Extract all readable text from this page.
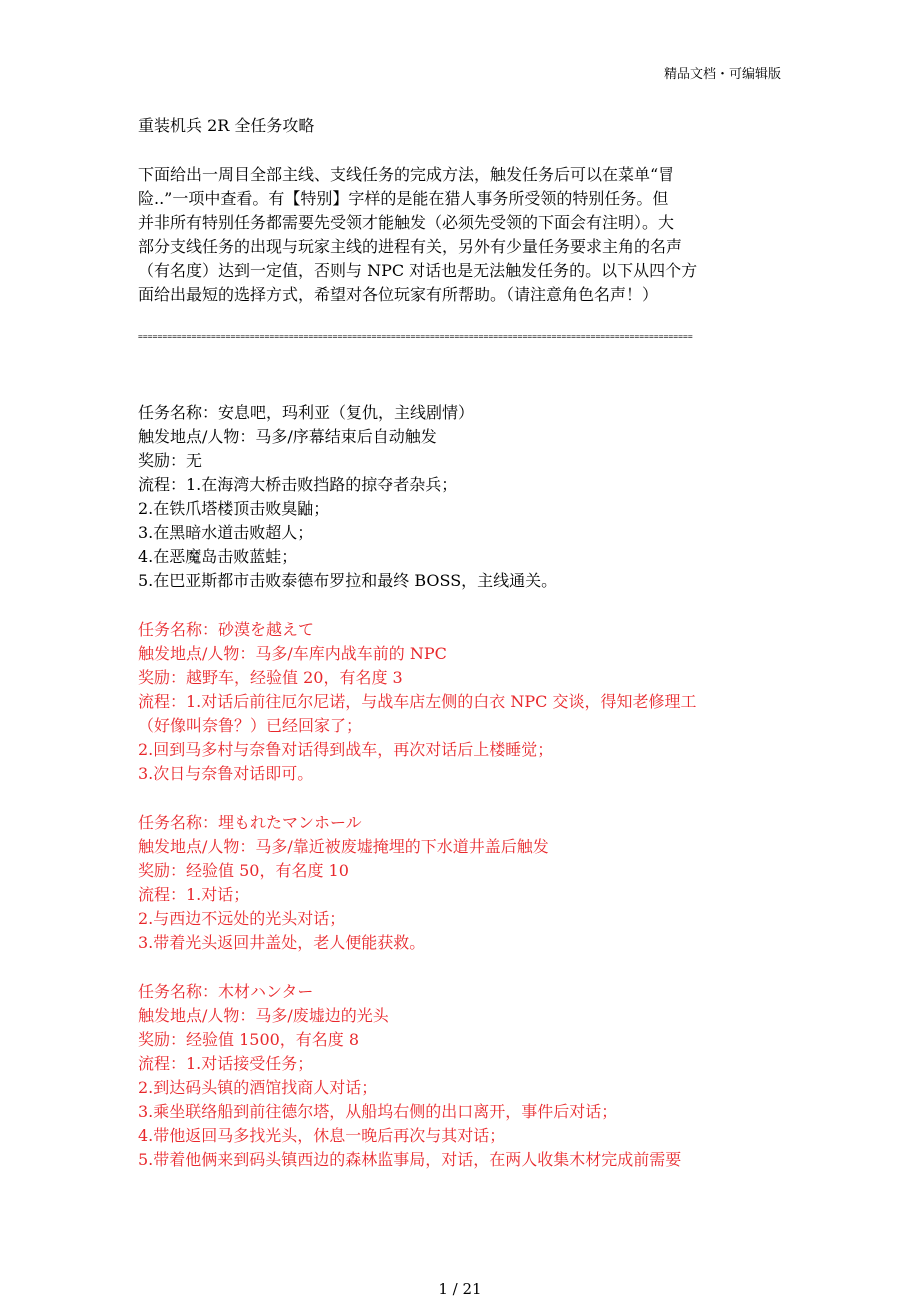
精品文档・可编辑版
重装机兵 2R 全任务攻略
下面给出一周目全部主线、支线任务的完成方法，触发任务后可以在菜单“冒
险..”一项中查看。有【特别】字样的是能在猎人事务所受领的特别任务。但
并非所有特别任务都需要先受领才能触发（必须先受领的下面会有注明）。大
部分支线任务的出现与玩家主线的进程有关，另外有少量任务要求主角的名声
（有名度）达到一定值，否则与 NPC 对话也是无法触发任务的。以下从四个方
面给出最短的选择方式，希望对各位玩家有所帮助。（请注意角色名声！）
==================================================================================================================
任务名称：安息吧，玛利亚（复仇，主线剧情）
触发地点/人物：马多/序幕结束后自动触发
奖励：无
流程：1.在海湾大桥击败挡路的掠夺者杂兵；
2.在铁爪塔楼顶击败臭鼬；
3.在黑暗水道击败超人；
4.在恶魔岛击败蓝蛙；
5.在巴亚斯都市击败泰德布罗拉和最终 BOSS，主线通关。
任务名称：砂漠を越えて
触发地点/人物：马多/车库内战车前的 NPC
奖励：越野车，经验值 20，有名度 3
流程：1.对话后前往厄尔尼诺，与战车店左侧的白衣 NPC 交谈，得知老修理工
（好像叫奈鲁？）已经回家了；
2.回到马多村与奈鲁对话得到战车，再次对话后上楼睡觉；
3.次日与奈鲁对话即可。
任务名称：埋もれたマンホール
触发地点/人物：马多/靠近被废墟掩埋的下水道井盖后触发
奖励：经验值 50，有名度 10
流程：1.对话；
2.与西边不远处的光头对话；
3.带着光头返回井盖处，老人便能获救。
任务名称：木材ハンター
触发地点/人物：马多/废墟边的光头
奖励：经验值 1500，有名度 8
流程：1.对话接受任务；
2.到达码头镇的酒馆找商人对话；
3.乘坐联络船到前往德尔塔，从船坞右侧的出口离开，事件后对话；
4.带他返回马多找光头，休息一晚后再次与其对话；
5.带着他俩来到码头镇西边的森林监事局，对话，在两人收集木材完成前需要
1 / 21
